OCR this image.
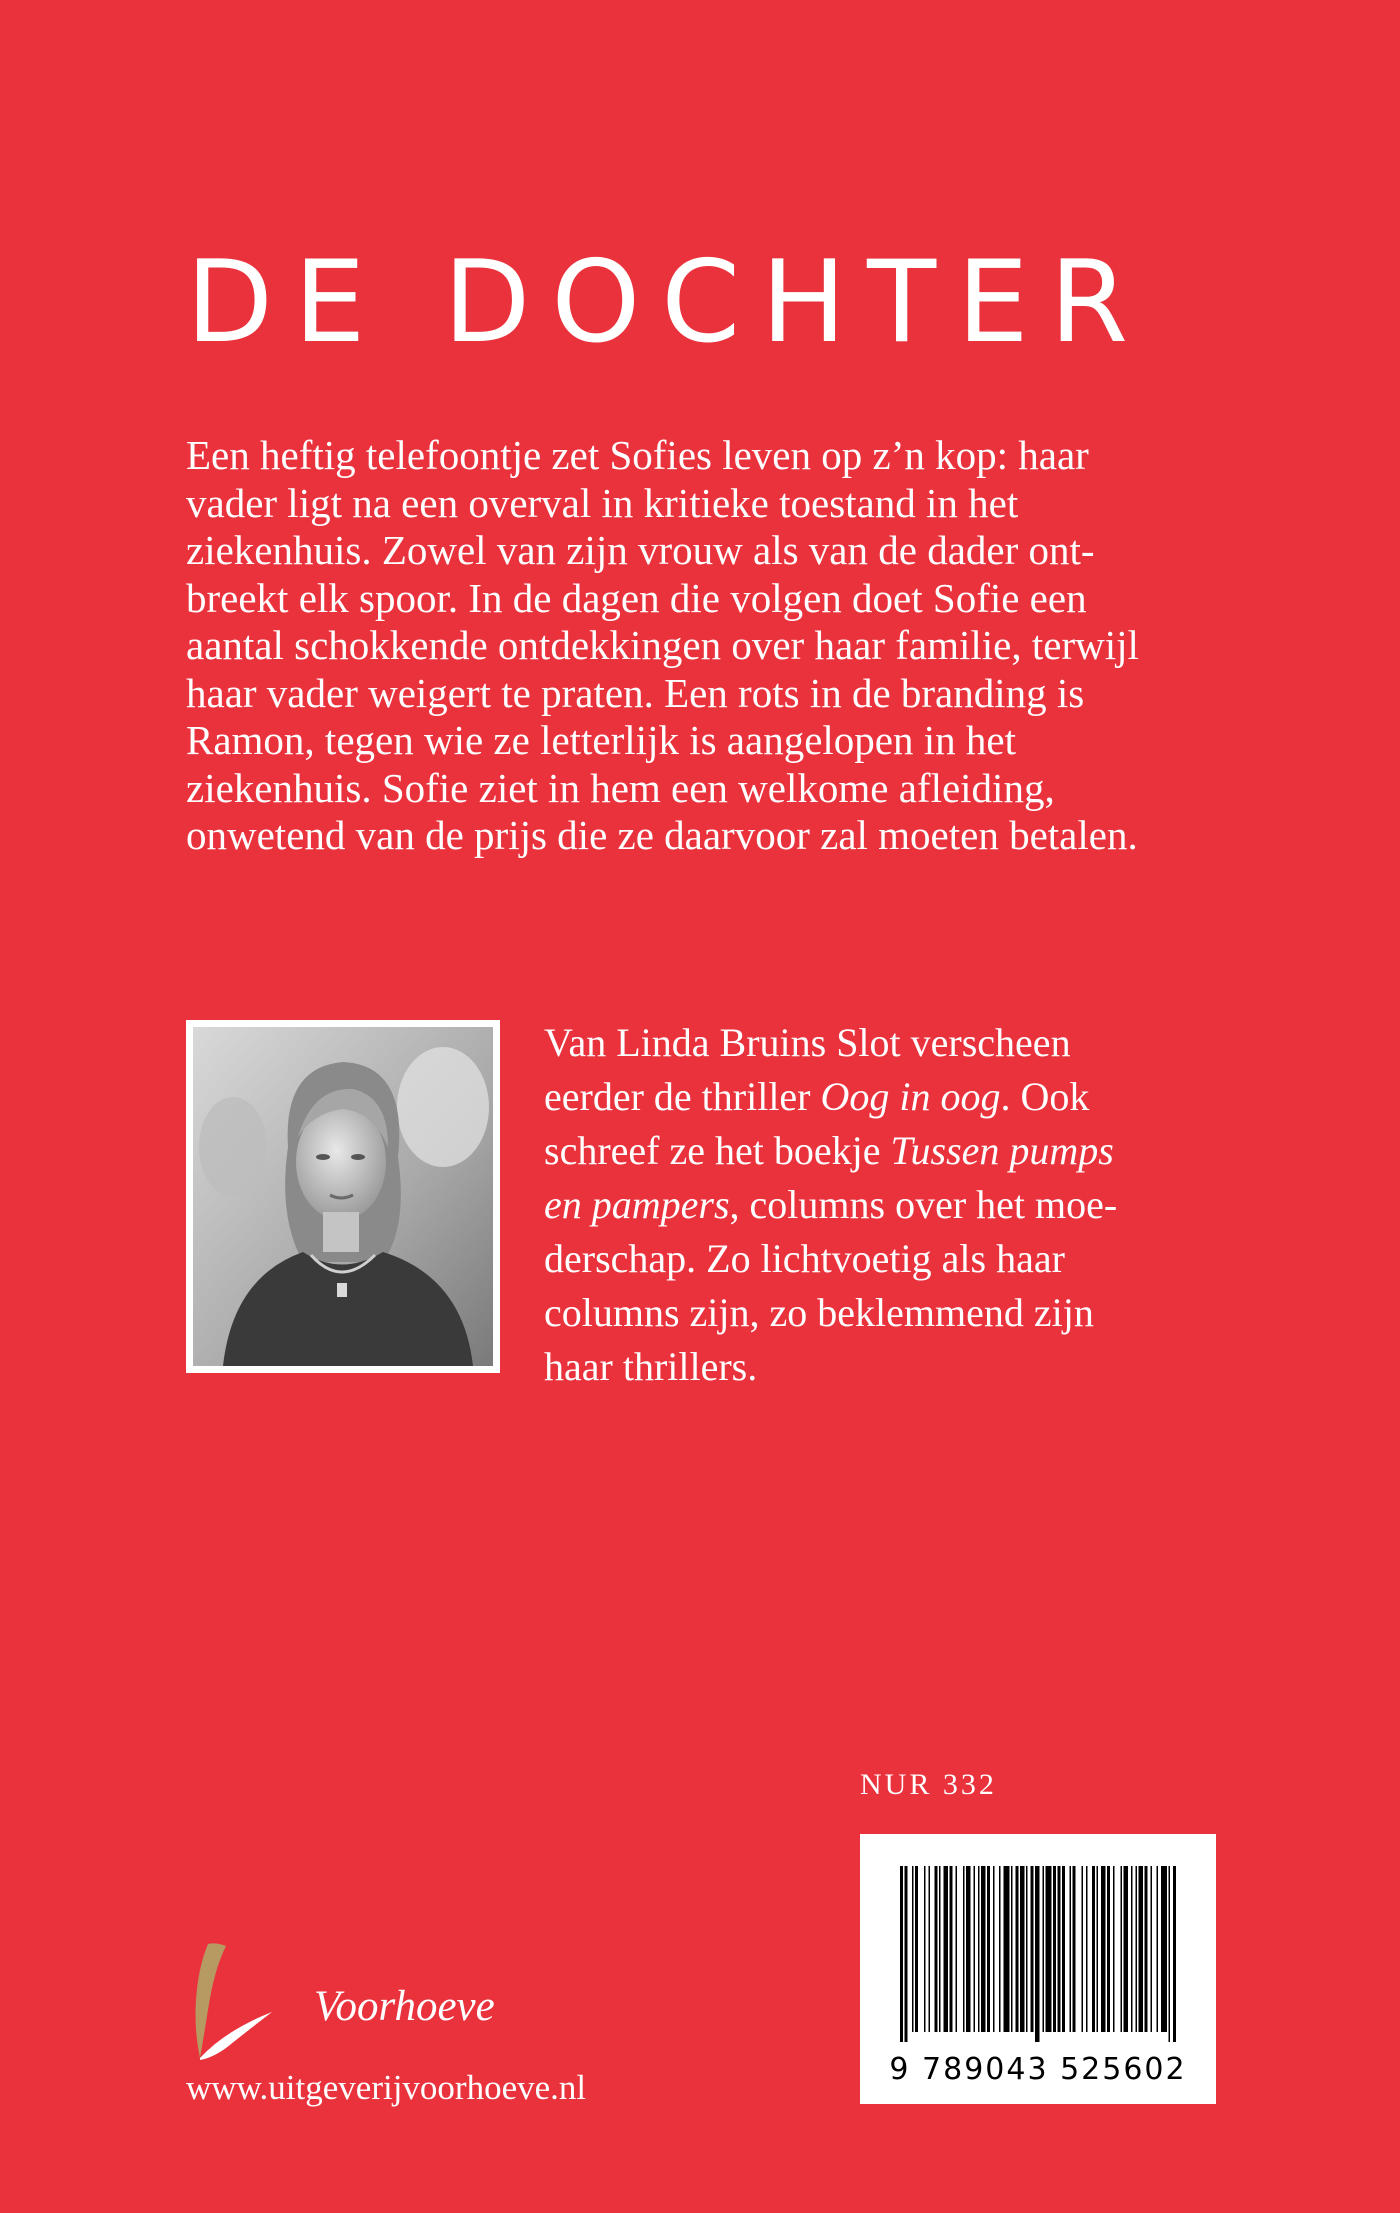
DE DOCHTER
Een heftig telefoontje zet Sofies leven op z’n kop: haar
vader ligt na een overval in kritieke toestand in het
ziekenhuis. Zowel van zijn vrouw als van de dader ont-
breekt elk spoor. In de dagen die volgen doet Sofie een
aantal schokkende ontdekkingen over haar familie, terwijl
haar vader weigert te praten. Een rots in de branding is
Ramon, tegen wie ze letterlijk is aangelopen in het
ziekenhuis. Sofie ziet in hem een welkome afleiding,
onwetend van de prijs die ze daarvoor zal moeten betalen.
Van Linda Bruins Slot verscheen
eerder de thriller Oog in oog. Ook
schreef ze het boekje Tussen pumps
en pampers, columns over het moe-
derschap. Zo lichtvoetig als haar
columns zijn, zo beklemmend zijn
haar thrillers.
NUR 332
9 789043 525602
Voorhoeve
www.uitgeverijvoorhoeve.nl
